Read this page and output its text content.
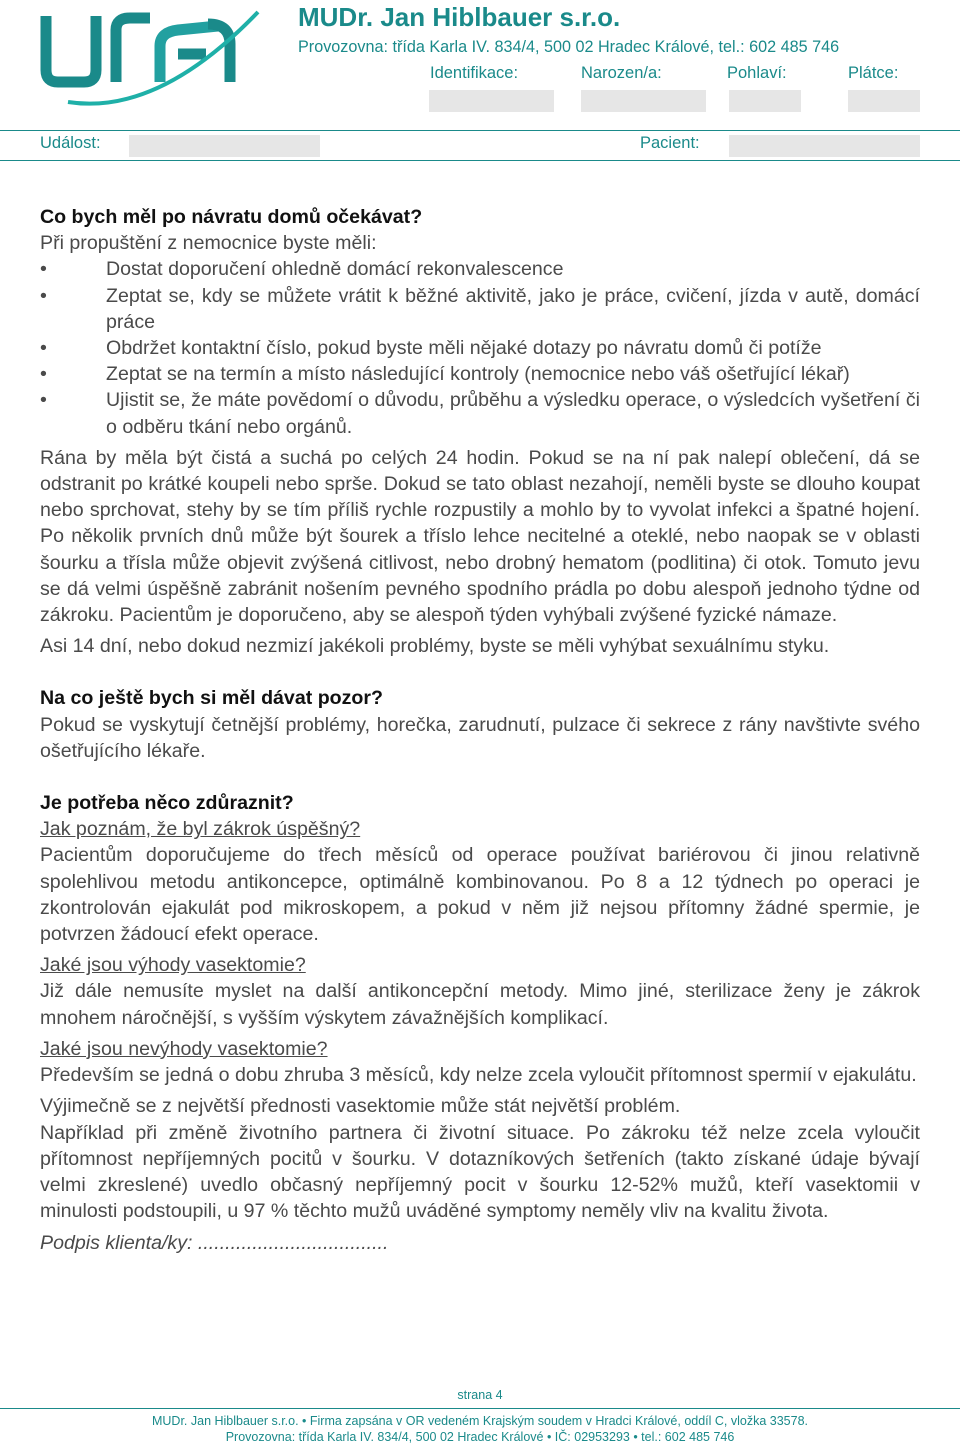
MUDr. Jan Hiblbauer s.r.o.
Provozovna: třída Karla IV. 834/4, 500 02 Hradec Králové, tel.: 602 485 746
Identifikace:	Narozen/a:	Pohlaví:	Plátce:
Událost:	Pacient:
Co bych měl po návratu domů očekávat?

Při propuštění z nemocnice byste měli:

• Dostat doporučení ohledně domácí rekonvalescence
• Zeptat se, kdy se můžete vrátit k běžné aktivitě, jako je práce, cvičení, jízda v autě, domácí práce
• Obdržet kontaktní číslo, pokud byste měli nějaké dotazy po návratu domů či potíže
• Zeptat se na termín a místo následující kontroly (nemocnice nebo váš ošetřující lékař)
• Ujistit se, že máte povědomí o důvodu, průběhu a výsledku operace, o výsledcích vyšetření či o odběru tkání nebo orgánů.

Rána by měla být čistá a suchá po celých 24 hodin. Pokud se na ní pak nalepí oblečení, dá se odstranit po krátké koupeli nebo sprše. Dokud se tato oblast nezahojí, neměli byste se dlouho koupat nebo sprchovat, stehy by se tím příliš rychle rozpustily a mohlo by to vyvolat infekci a špatné hojení. Po několik prvních dnů může být šourek a tříslo lehce necitelné a oteklé, nebo naopak se v oblasti šourku a třísla může objevit zvýšená citlivost, nebo drobný hematom (podlitina) či otok. Tomuto jevu se dá velmi úspěšně zabránit nošením pevného spodního prádla po dobu alespoň jednoho týdne od zákroku. Pacientům je doporučeno, aby se alespoň týden vyhýbali zvýšené fyzické námaze.

Asi 14 dní, nebo dokud nezmizí jakékoli problémy, byste se měli vyhýbat sexuálnímu styku.

Na co ještě bych si měl dávat pozor?

Pokud se vyskytují četnější problémy, horečka, zarudnutí, pulzace či sekrece z rány navštivte svého ošetřujícího lékaře.

Je potřeba něco zdůraznit?

Jak poznám, že byl zákrok úspěšný?

Pacientům doporučujeme do třech měsíců od operace používat bariérovou či jinou relativně spolehlivou metodu antikoncepce, optimálně kombinovanou. Po 8 a 12 týdnech po operaci je zkontrolován ejakulát pod mikroskopem, a pokud v něm již nejsou přítomny žádné spermie, je potvrzen žádoucí efekt operace.

Jaké jsou výhody vasektomie?

Již dále nemusíte myslet na další antikoncepční metody. Mimo jiné, sterilizace ženy je zákrok mnohem náročnější, s vyšším výskytem závažnějších komplikací.

Jaké jsou nevýhody vasektomie?

Především se jedná o dobu zhruba 3 měsíců, kdy nelze zcela vyloučit přítomnost spermií v ejakulátu.

Výjimečně se z největší přednosti vasektomie může stát největší problém.

Například při změně životního partnera či životní situace. Po zákroku též nelze zcela vyloučit přítomnost nepříjemných pocitů v šourku. V dotazníkových šetřeních (takto získané údaje bývají velmi zkreslené) uvedlo občasný nepříjemný pocit v šourku 12-52% mužů, kteří vasektomii v minulosti podstoupili, u 97 % těchto mužů uváděné symptomy neměly vliv na kvalitu života.

Podpis klienta/ky: ...................................

strana 4
MUDr. Jan Hiblbauer s.r.o. • Firma zapsána v OR vedeném Krajským soudem v Hradci Králové, oddíl C, vložka 33578.
Provozovna: třída Karla IV. 834/4, 500 02 Hradec Králové • IČ: 02953293 • tel.: 602 485 746
